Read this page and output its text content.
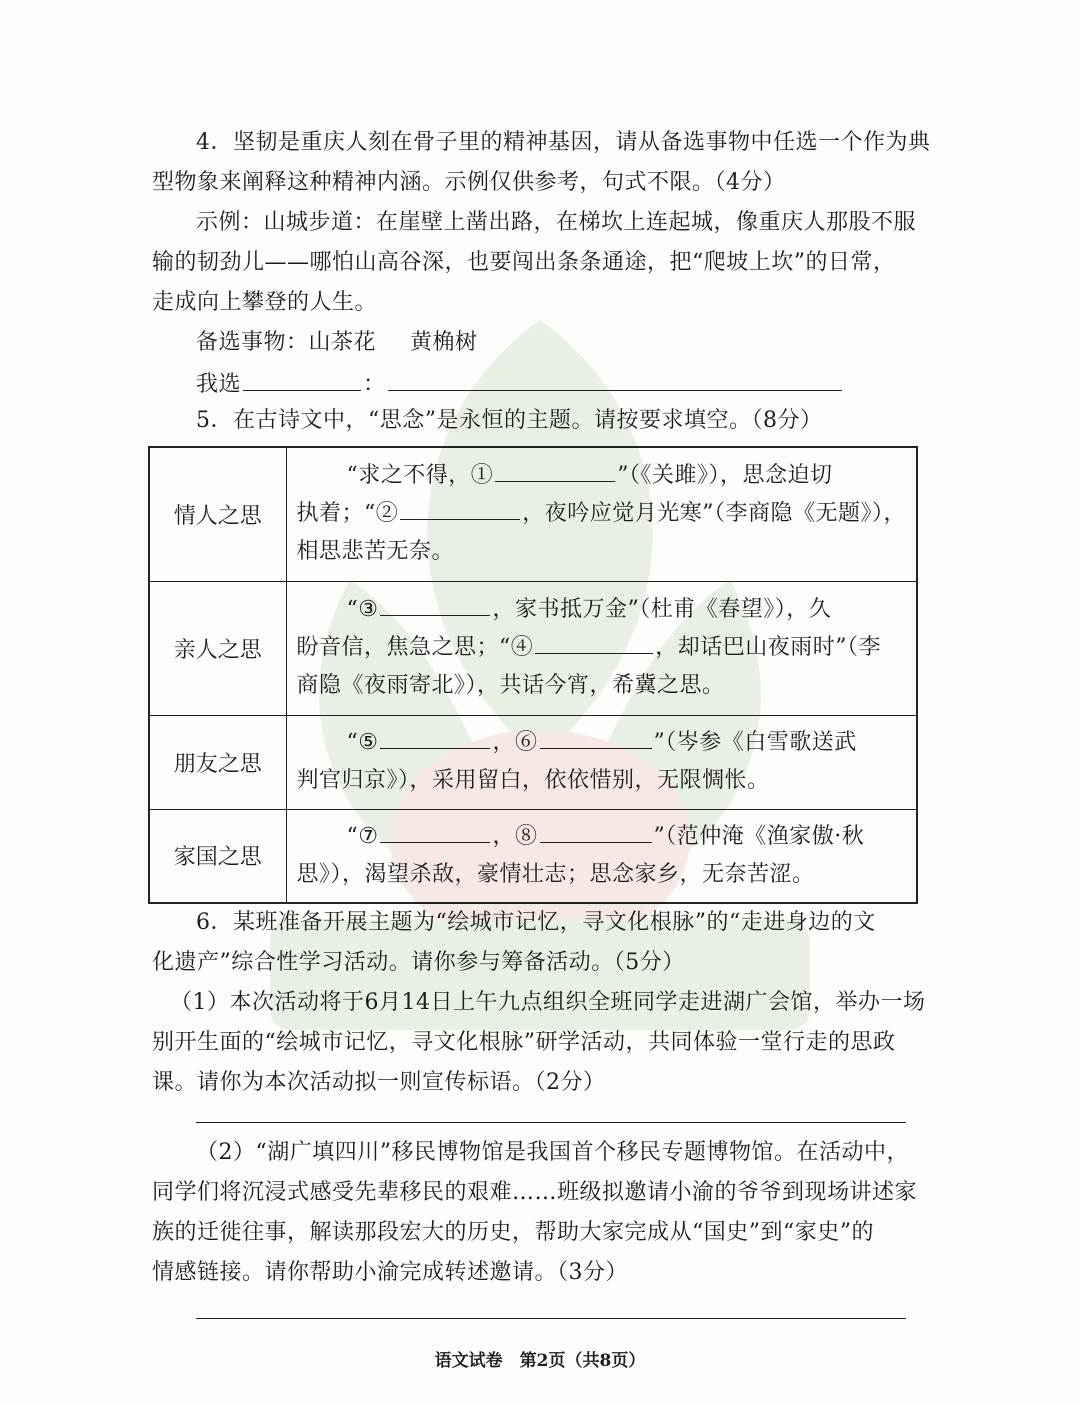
4．坚韧是重庆人刻在骨子里的精神基因，请从备选事物中任选一个作为典
型物象来阐释这种精神内涵。示例仅供参考，句式不限。（4分）
示例：山城步道：在崖壁上凿出路，在梯坎上连起城，像重庆人那股不服
输的韧劲儿——哪怕山高谷深，也要闯出条条通途，把“爬坡上坎”的日常，
走成向上攀登的人生。
备选事物：山茶花 黄桷树
我选	：
5．在古诗文中，“思念”是永恒的主题。请按要求填空。（8分）
情人之思	“求之不得，① ”（《关雎》），思念迫切
执着；“② ，夜吟应觉月光寒”（李商隐《无题》），
相思悲苦无奈。

亲人之思	“③ ，家书抵万金”（杜甫《春望》），久
盼音信，焦急之思；“④ ，却话巴山夜雨时”（李
商隐《夜雨寄北》），共话今宵，希冀之思。

朋友之思	“⑤ ，⑥ ”（岑参《白雪歌送武
判官归京》），采用留白，依依惜别，无限惆怅。

家国之思	“⑦ ，⑧ ”（范仲淹《渔家傲·秋
思》），渴望杀敌，豪情壮志；思念家乡，无奈苦涩。
6．某班准备开展主题为“绘城市记忆，寻文化根脉”的“走进身边的文
化遗产”综合性学习活动。请你参与筹备活动。（5分）
（1）本次活动将于6月14日上午九点组织全班同学走进湖广会馆，举办一场
别开生面的“绘城市记忆，寻文化根脉”研学活动，共同体验一堂行走的思政
课。请你为本次活动拟一则宣传标语。（2分）
（2）“湖广填四川”移民博物馆是我国首个移民专题博物馆。在活动中，
同学们将沉浸式感受先辈移民的艰难……班级拟邀请小渝的爷爷到现场讲述家
族的迁徙往事，解读那段宏大的历史，帮助大家完成从“国史”到“家史”的
情感链接。请你帮助小渝完成转述邀请。（3分）
语文试卷　第2页（共8页）
